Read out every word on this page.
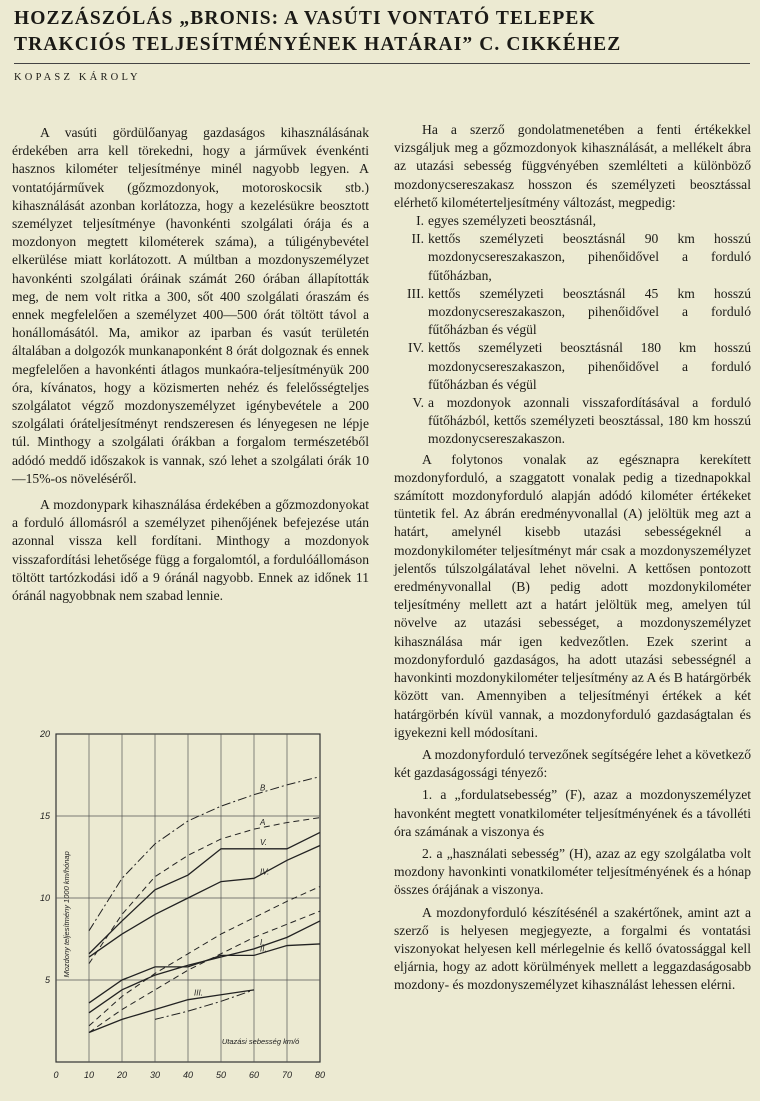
HOZZÁSZÓLÁS „BRONIS: A VASÚTI VONTATÓ TELEPEK
TRAKCIÓS TELJESÍTMÉNYÉNEK HATÁRAI” C. CIKKÉHEZ
KOPASZ KÁROLY

A vasúti gördülőanyag gazdaságos kihasználásának érdekében arra kell törekedni, hogy a járművek évenkénti hasznos kilométer teljesítménye minél nagyobb legyen. A vontatójárművek (gőzmozdonyok, motoroskocsik stb.) kihasználását azonban korlátozza, hogy a kezelésükre beosztott személyzet teljesítménye (havonkénti szolgálati órája és a mozdonyon megtett kilométerek száma), a túligénybevétel elkerülése miatt korlátozott. A múltban a mozdonyszemélyzet havonkénti szolgálati óráinak számát 260 órában állapították meg, de nem volt ritka a 300, sőt 400 szolgálati óraszám és ennek megfelelően a személyzet 400—500 órát töltött távol a honállomásától. Ma, amikor az iparban és vasút területén általában a dolgozók munkanaponként 8 órát dolgoznak és ennek megfelelően a havonkénti átlagos munkaóra-teljesítményük 200 óra, kívánatos, hogy a közismerten nehéz és felelősségteljes szolgálatot végző mozdonyszemélyzet igénybevétele a 200 szolgálati óráteljesítményt rendszeresen és lényegesen ne lépje túl. Minthogy a szolgálati órákban a forgalom természetéből adódó meddő időszakok is vannak, szó lehet a szolgálati órák 10—15%-os növeléséről.

A mozdonypark kihasználása érdekében a gőzmozdonyokat a forduló állomásról a személyzet pihenőjének befejezése után azonnal vissza kell fordítani. Minthogy a mozdonyok visszafordítási lehetősége függ a forgalomtól, a fordulóállomáson töltött tartózkodási idő a 9 óránál nagyobb. Ennek az időnek 11 óránál nagyobbnak nem szabad lennie.

0	10	20	30	40	50	60	70	80
5
10
15
20
Utazási sebesség km/ó
Mozdony teljesítmény 1000 km/hónap	I.
II.
III.
IV.
V.
A
B

Ha a szerző gondolatmenetében a fenti értékekkel vizsgáljuk meg a gőzmozdonyok kihasználását, a mellékelt ábra az utazási sebesség függvényében szemlélteti a különböző mozdonycsereszakasz hosszon és személyzeti beosztással elérhető kilométerteljesítmény változást, megpedig:

I. egyes személyzeti beosztásnál,
II. kettős személyzeti beosztásnál 90 km hosszú mozdonycsereszakaszon, pihenőidővel a forduló fűtőházban,
III. kettős személyzeti beosztásnál 45 km hosszú mozdonycsereszakaszon, pihenőidővel a forduló fűtőházban és végül
IV. kettős személyzeti beosztásnál 180 km hosszú mozdonycsereszakaszon, pihenőidővel a forduló fűtőházban és végül
V. a mozdonyok azonnali visszafordításával a forduló fűtőházból, kettős személyzeti beosztással, 180 km hosszú mozdonycsereszakaszon.

A folytonos vonalak az egésznapra kerekített mozdonyforduló, a szaggatott vonalak pedig a tizednapokkal számított mozdonyforduló alapján adódó kilométer értékeket tüntetik fel. Az ábrán eredményvonallal (A) jelöltük meg azt a határt, amelynél kisebb utazási sebességeknél a mozdonykilométer teljesítményt már csak a mozdonyszemélyzet jelentős túlszolgálatával lehet növelni. A kettősen pontozott eredményvonallal (B) pedig adott mozdonykilométer teljesítmény mellett azt a határt jelöltük meg, amelyen túl növelve az utazási sebességet, a mozdonyszemélyzet kihasználása már igen kedvezőtlen. Ezek szerint a mozdonyforduló gazdaságos, ha adott utazási sebességnél a havonkinti mozdonykilométer teljesítmény az A és B határgörbék között van. Amennyiben a teljesítményi értékek a két határgörbén kívül vannak, a mozdonyforduló gazdaságtalan és igyekezni kell módosítani.

A mozdonyforduló tervezőnek segítségére lehet a következő két gazdaságossági tényező:

1. a „fordulatsebesség” (F), azaz a mozdonyszemélyzet havonként megtett vonatkilométer teljesítményének és a távolléti óra számának a viszonya és

2. a „használati sebesség” (H), azaz az egy szolgálatba volt mozdony havonkinti vonatkilométer teljesítményének és a hónap összes órájának a viszonya.

A mozdonyforduló készítésénél a szakértőnek, amint azt a szerző is helyesen megjegyezte, a forgalmi és vontatási viszonyokat helyesen kell mérlegelnie és kellő óvatossággal kell eljárnia, hogy az adott körülmények mellett a leggazdaságosabb mozdony- és mozdonyszemélyzet kihasználást lehessen elérni.
